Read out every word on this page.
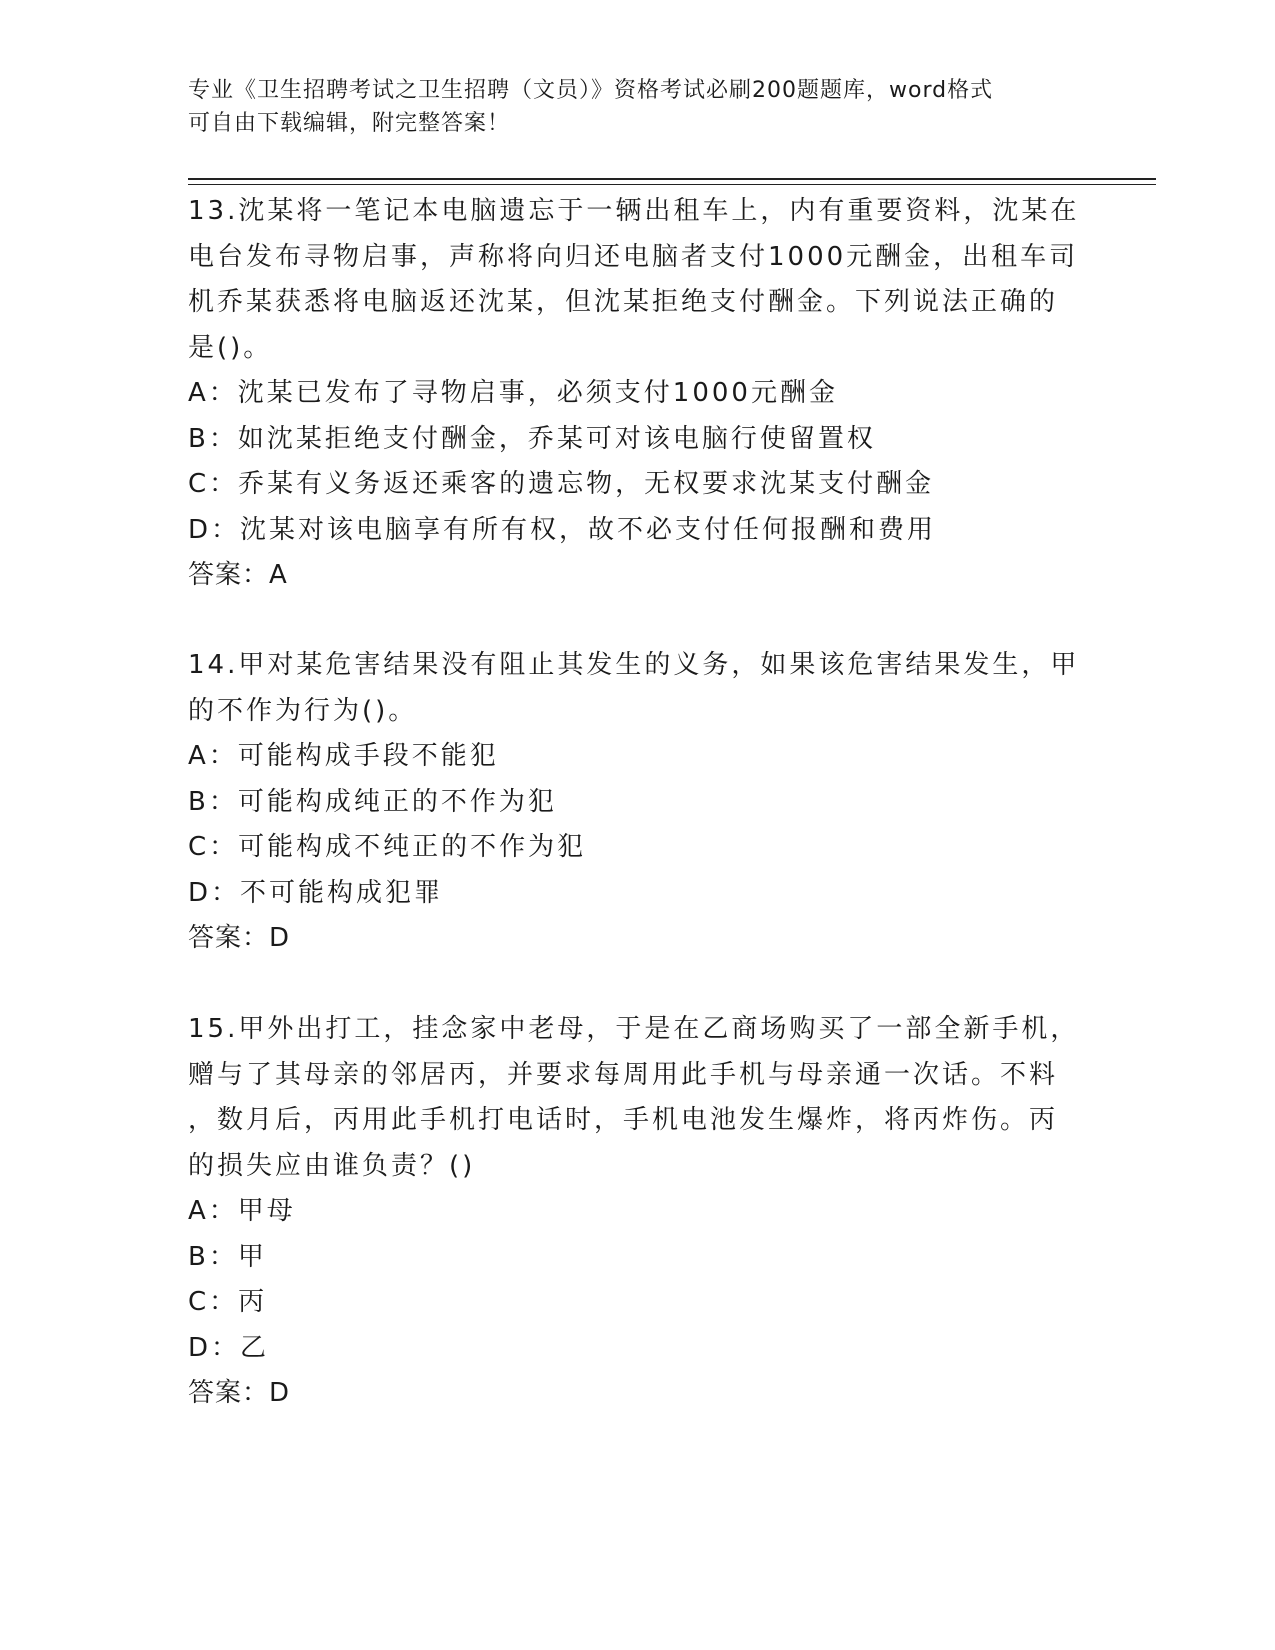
专业《卫生招聘考试之卫生招聘（文员）》资格考试必刷200题题库，word格式
可自由下载编辑，附完整答案！
13.沈某将一笔记本电脑遗忘于一辆出租车上，内有重要资料，沈某在
电台发布寻物启事，声称将向归还电脑者支付1000元酬金，出租车司
机乔某获悉将电脑返还沈某，但沈某拒绝支付酬金。下列说法正确的
是()。
A：沈某已发布了寻物启事，必须支付1000元酬金
B：如沈某拒绝支付酬金，乔某可对该电脑行使留置权
C：乔某有义务返还乘客的遗忘物，无权要求沈某支付酬金
D：沈某对该电脑享有所有权，故不必支付任何报酬和费用
答案：A
14.甲对某危害结果没有阻止其发生的义务，如果该危害结果发生，甲
的不作为行为()。
A：可能构成手段不能犯
B：可能构成纯正的不作为犯
C：可能构成不纯正的不作为犯
D：不可能构成犯罪
答案：D
15.甲外出打工，挂念家中老母，于是在乙商场购买了一部全新手机，
赠与了其母亲的邻居丙，并要求每周用此手机与母亲通一次话。不料
，数月后，丙用此手机打电话时，手机电池发生爆炸，将丙炸伤。丙
的损失应由谁负责？()
A：甲母
B：甲
C：丙
D：乙
答案：D
